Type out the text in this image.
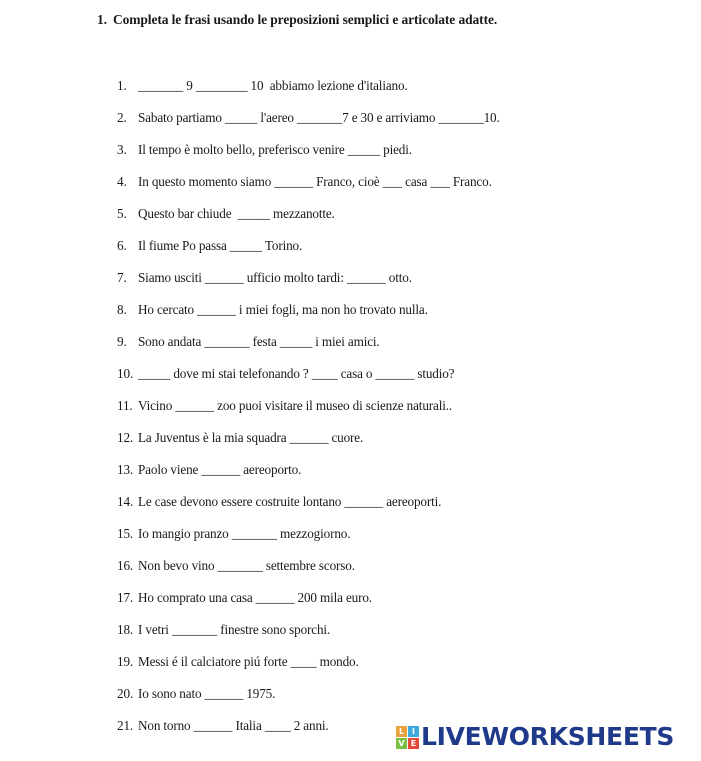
1. Completa le frasi usando le preposizioni semplici e articolate adatte.
1. _______ 9 ________ 10  abbiamo lezione d'italiano.
2. Sabato partiamo _____ l'aereo _______7 e 30 e arriviamo _______10.
3. Il tempo è molto bello, preferisco venire _____ piedi.
4. In questo momento siamo ______ Franco, cioè ___ casa ___ Franco.
5. Questo bar chiude  _____ mezzanotte.
6. Il fiume Po passa _____ Torino.
7. Siamo usciti ______ ufficio molto tardi: ______ otto.
8. Ho cercato ______ i miei fogli, ma non ho trovato nulla.
9. Sono andata _______ festa _____ i miei amici.
10. _____ dove mi stai telefonando ? ____ casa o ______ studio?
11. Vicino ______ zoo puoi visitare il museo di scienze naturali..
12. La Juventus è la mia squadra ______ cuore.
13. Paolo viene ______ aereoporto.
14. Le case devono essere costruite lontano ______ aereoporti.
15. Io mangio pranzo _______ mezzogiorno.
16. Non bevo vino _______ settembre scorso.
17. Ho comprato una casa ______ 200 mila euro.
18. I vetri _______ finestre sono sporchi.
19. Messi é il calciatore piú forte ____ mondo.
20. Io sono nato ______ 1975.
21. Non torno ______ Italia ____ 2 anni.	L I
V E LIVEWORKSHEETS
